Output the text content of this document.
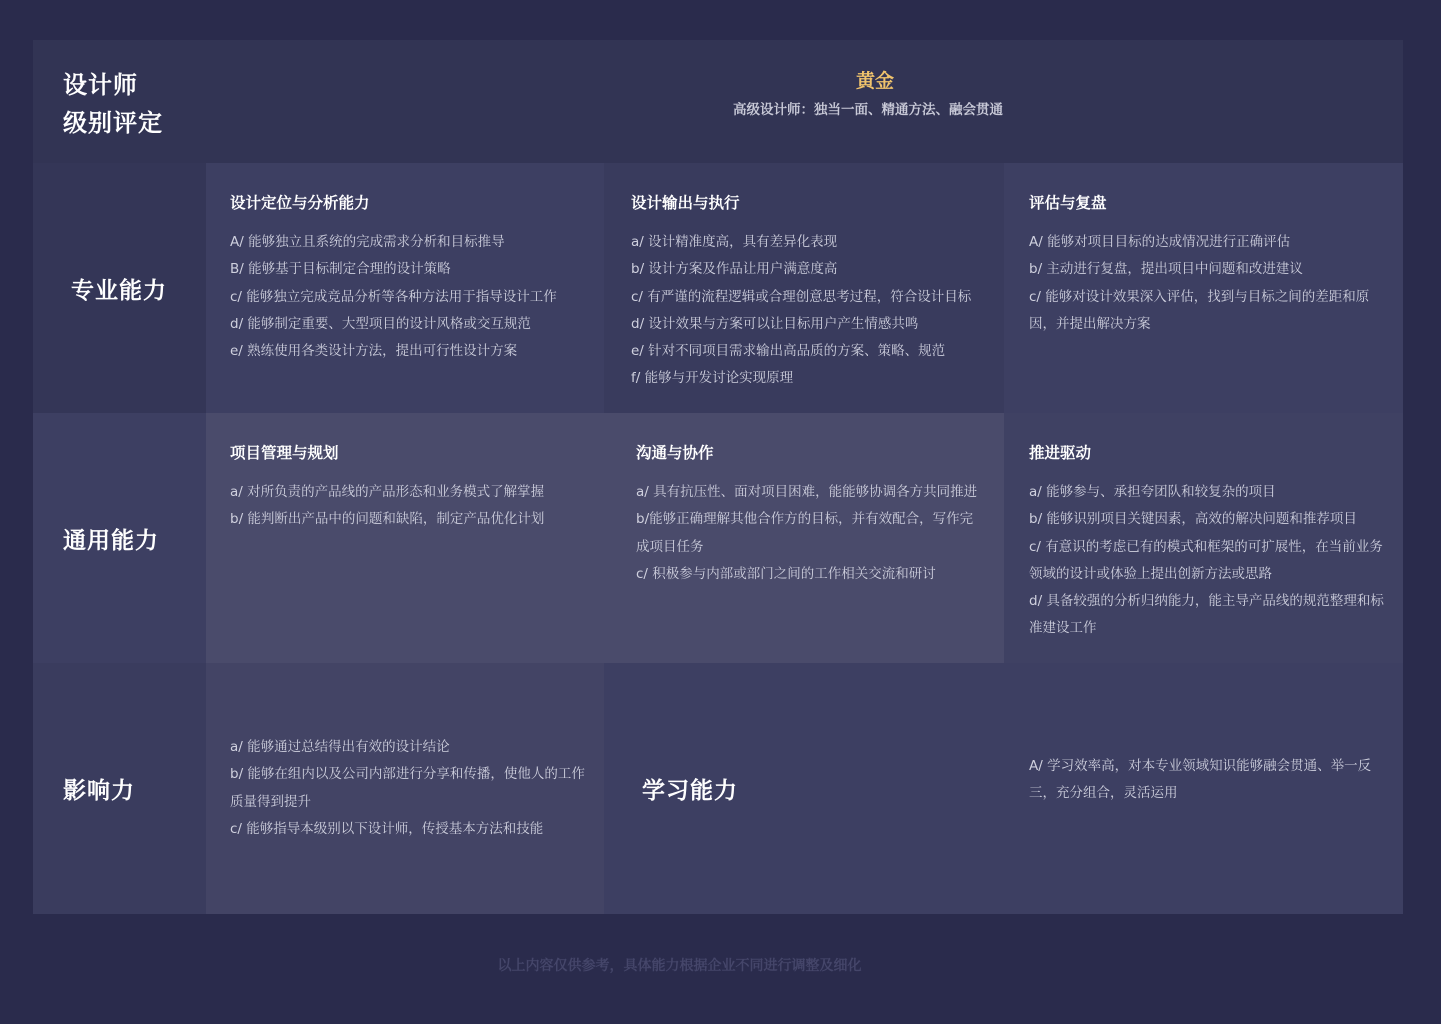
设计师
级别评定
黄金
高级设计师：独当一面、精通方法、融会贯通
专业能力
设计定位与分析能力
A/ 能够独立且系统的完成需求分析和目标推导
B/ 能够基于目标制定合理的设计策略
c/ 能够独立完成竞品分析等各种方法用于指导设计工作
d/ 能够制定重要、大型项目的设计风格或交互规范
e/ 熟练使用各类设计方法，提出可行性设计方案
设计输出与执行
a/ 设计精准度高，具有差异化表现
b/ 设计方案及作品让用户满意度高
c/ 有严谨的流程逻辑或合理创意思考过程，符合设计目标
d/ 设计效果与方案可以让目标用户产生情感共鸣
e/ 针对不同项目需求输出高品质的方案、策略、规范
f/ 能够与开发讨论实现原理
评估与复盘
A/ 能够对项目目标的达成情况进行正确评估
b/ 主动进行复盘，提出项目中问题和改进建议
c/ 能够对设计效果深入评估，找到与目标之间的差距和原因，并提出解决方案
通用能力
项目管理与规划
a/ 对所负责的产品线的产品形态和业务模式了解掌握
b/ 能判断出产品中的问题和缺陷，制定产品优化计划
沟通与协作
a/ 具有抗压性、面对项目困难，能能够协调各方共同推进
b/能够正确理解其他合作方的目标，并有效配合，写作完成项目任务
c/ 积极参与内部或部门之间的工作相关交流和研讨
推进驱动
a/ 能够参与、承担夸团队和较复杂的项目
b/ 能够识别项目关键因素，高效的解决问题和推荐项目
c/ 有意识的考虑已有的模式和框架的可扩展性，在当前业务领域的设计或体验上提出创新方法或思路
d/ 具备较强的分析归纳能力，能主导产品线的规范整理和标准建设工作
影响力
a/ 能够通过总结得出有效的设计结论
b/ 能够在组内以及公司内部进行分享和传播，使他人的工作质量得到提升
c/ 能够指导本级别以下设计师，传授基本方法和技能
学习能力
A/ 学习效率高，对本专业领域知识能够融会贯通、举一反三，充分组合，灵活运用
以上内容仅供参考，具体能力根据企业不同进行调整及细化
